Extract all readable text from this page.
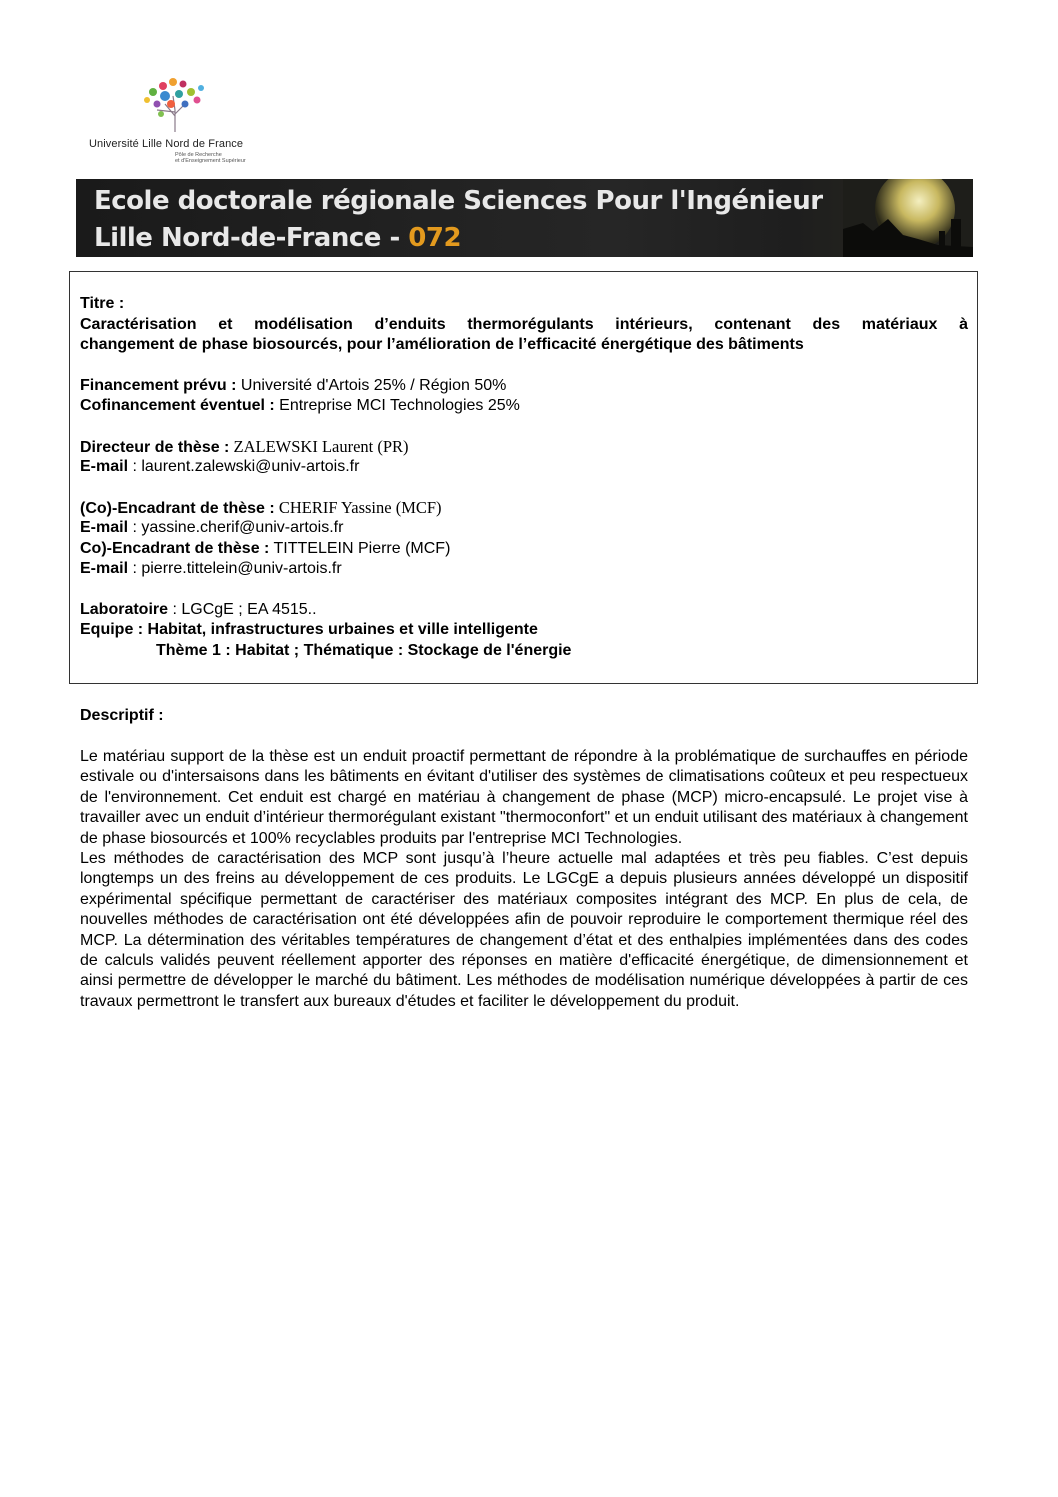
Université Lille Nord de France
Pôle de Recherche
et d'Enseignement Supérieur
Ecole doctorale régionale Sciences Pour l'Ingénieur
Lille Nord-de-France - 072
Titre :
Caractérisation et modélisation d’enduits thermorégulants intérieurs, contenant des matériaux à
changement de phase biosourcés, pour l’amélioration de l’efficacité énergétique des bâtiments
Financement prévu : Université d'Artois 25% / Région 50%
Cofinancement éventuel : Entreprise MCI Technologies 25%
Directeur de thèse : ZALEWSKI Laurent (PR)
E-mail : laurent.zalewski@univ-artois.fr
(Co)-Encadrant de thèse : CHERIF Yassine (MCF)
E-mail : yassine.cherif@univ-artois.fr
Co)-Encadrant de thèse : TITTELEIN Pierre (MCF)
E-mail : pierre.tittelein@univ-artois.fr
Laboratoire : LGCgE ; EA 4515..
Equipe : Habitat, infrastructures urbaines et ville intelligente
Thème 1 : Habitat ; Thématique : Stockage de l'énergie
Descriptif :
Le matériau support de la thèse est un enduit proactif permettant de répondre à la problématique de surchauffes en période estivale ou d'intersaisons dans les bâtiments en évitant d'utiliser des systèmes de climatisations coûteux et peu respectueux de l'environnement. Cet enduit est chargé en matériau à changement de phase (MCP) micro-encapsulé. Le projet vise à travailler avec un enduit d’intérieur thermorégulant existant "thermoconfort" et un enduit utilisant des matériaux à changement de phase biosourcés et 100% recyclables produits par l'entreprise MCI Technologies.
Les méthodes de caractérisation des MCP sont jusqu’à l’heure actuelle mal adaptées et très peu fiables. C’est depuis longtemps un des freins au développement de ces produits. Le LGCgE a depuis plusieurs années développé un dispositif expérimental spécifique permettant de caractériser des matériaux composites intégrant des MCP. En plus de cela, de nouvelles méthodes de caractérisation ont été développées afin de pouvoir reproduire le comportement thermique réel des MCP. La détermination des véritables températures de changement d’état et des enthalpies implémentées dans des codes de calculs validés peuvent réellement apporter des réponses en matière d'efficacité énergétique, de dimensionnement et ainsi permettre de développer le marché du bâtiment. Les méthodes de modélisation numérique développées à partir de ces travaux permettront le transfert aux bureaux d'études et faciliter le développement du produit.
